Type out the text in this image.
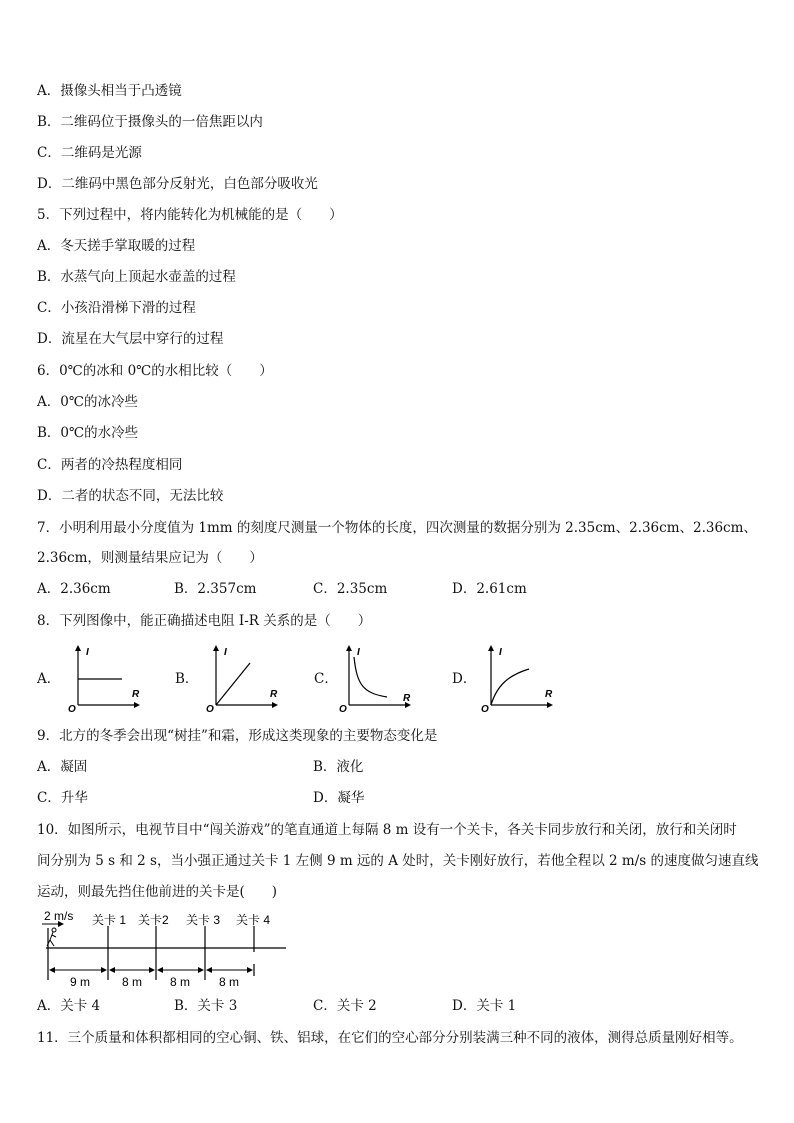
A．摄像头相当于凸透镜
B．二维码位于摄像头的一倍焦距以内
C．二维码是光源
D．二维码中黑色部分反射光，白色部分吸收光
5．下列过程中，将内能转化为机械能的是（　　）
A．冬天搓手掌取暖的过程
B．水蒸气向上顶起水壶盖的过程
C．小孩沿滑梯下滑的过程
D．流星在大气层中穿行的过程
6．0℃的冰和 0℃的水相比较（　　）
A．0℃的冰冷些
B．0℃的水冷些
C．两者的冷热程度相同
D．二者的状态不同，无法比较
7．小明利用最小分度值为 1mm 的刻度尺测量一个物体的长度，四次测量的数据分别为 2.35cm、2.36cm、2.36cm、
2.36cm，则测量结果应记为（　　）
A．2.36cm	B．2.357cm	C．2.35cm	D．2.61cm
8．下列图像中，能正确描述电阻 I-R 关系的是（　　）
A．
I
R
O
B．
I
R
O
C．
I
R
O
D．
I
R
O
9．北方的冬季会出现“树挂”和霜，形成这类现象的主要物态变化是
A．凝固	B．液化
C．升华	D．凝华
10．如图所示，电视节目中“闯关游戏”的笔直通道上每隔 8 m 设有一个关卡，各关卡同步放行和关闭，放行和关闭时
间分别为 5 s 和 2 s，当小强正通过关卡 1 左侧 9 m 远的 A 处时，关卡刚好放行，若他全程以 2 m/s 的速度做匀速直线
运动，则最先挡住他前进的关卡是(　　)
2 m/s 关卡 1 关卡2 关卡 3 关卡 4
9 m	8 m 8 m 8 m
A．关卡 4	B．关卡 3	C．关卡 2	D．关卡 1
11．三个质量和体积都相同的空心铜、铁、铝球，在它们的空心部分分别装满三种不同的液体，测得总质量刚好相等。
